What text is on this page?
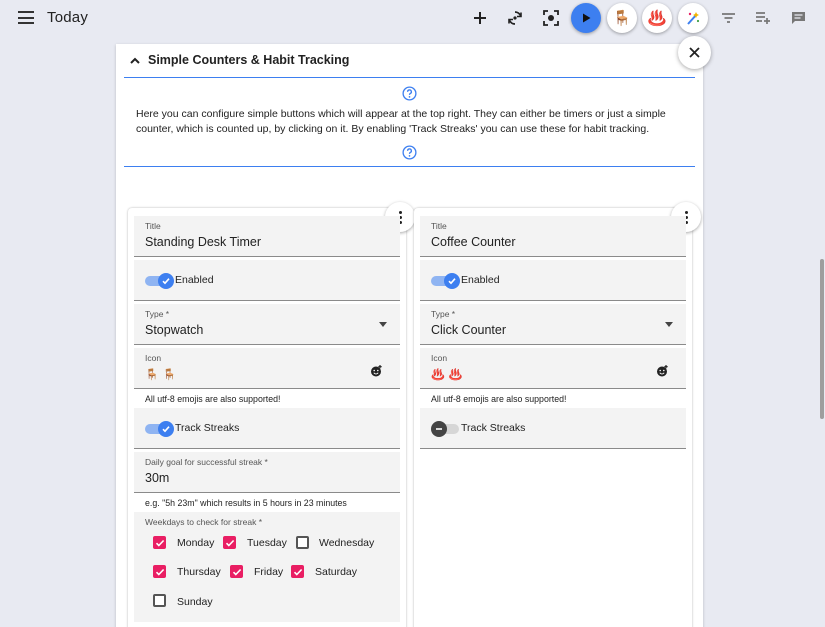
Today	🪑 ♨️
Simple Counters & Habit Tracking

Here you can configure simple buttons which will appear at the top right. They can either be timers or just a simple counter, which is counted up, by clicking on it. By enabling 'Track Streaks' you can use these for habit tracking.

Title
Standing Desk Timer
Enabled
Type *
Stopwatch
Icon
🪑🪑
All utf-8 emojis are also supported!
Track Streaks
Daily goal for successful streak *
30m
e.g. "5h 23m" which results in 5 hours in 23 minutes
Weekdays to check for streak *
Monday	Tuesday	Wednesday
Thursday	Friday	Saturday
Sunday
Title
Coffee Counter
Enabled
Type *
Click Counter
Icon
♨️♨️
All utf-8 emojis are also supported!
Track Streaks
